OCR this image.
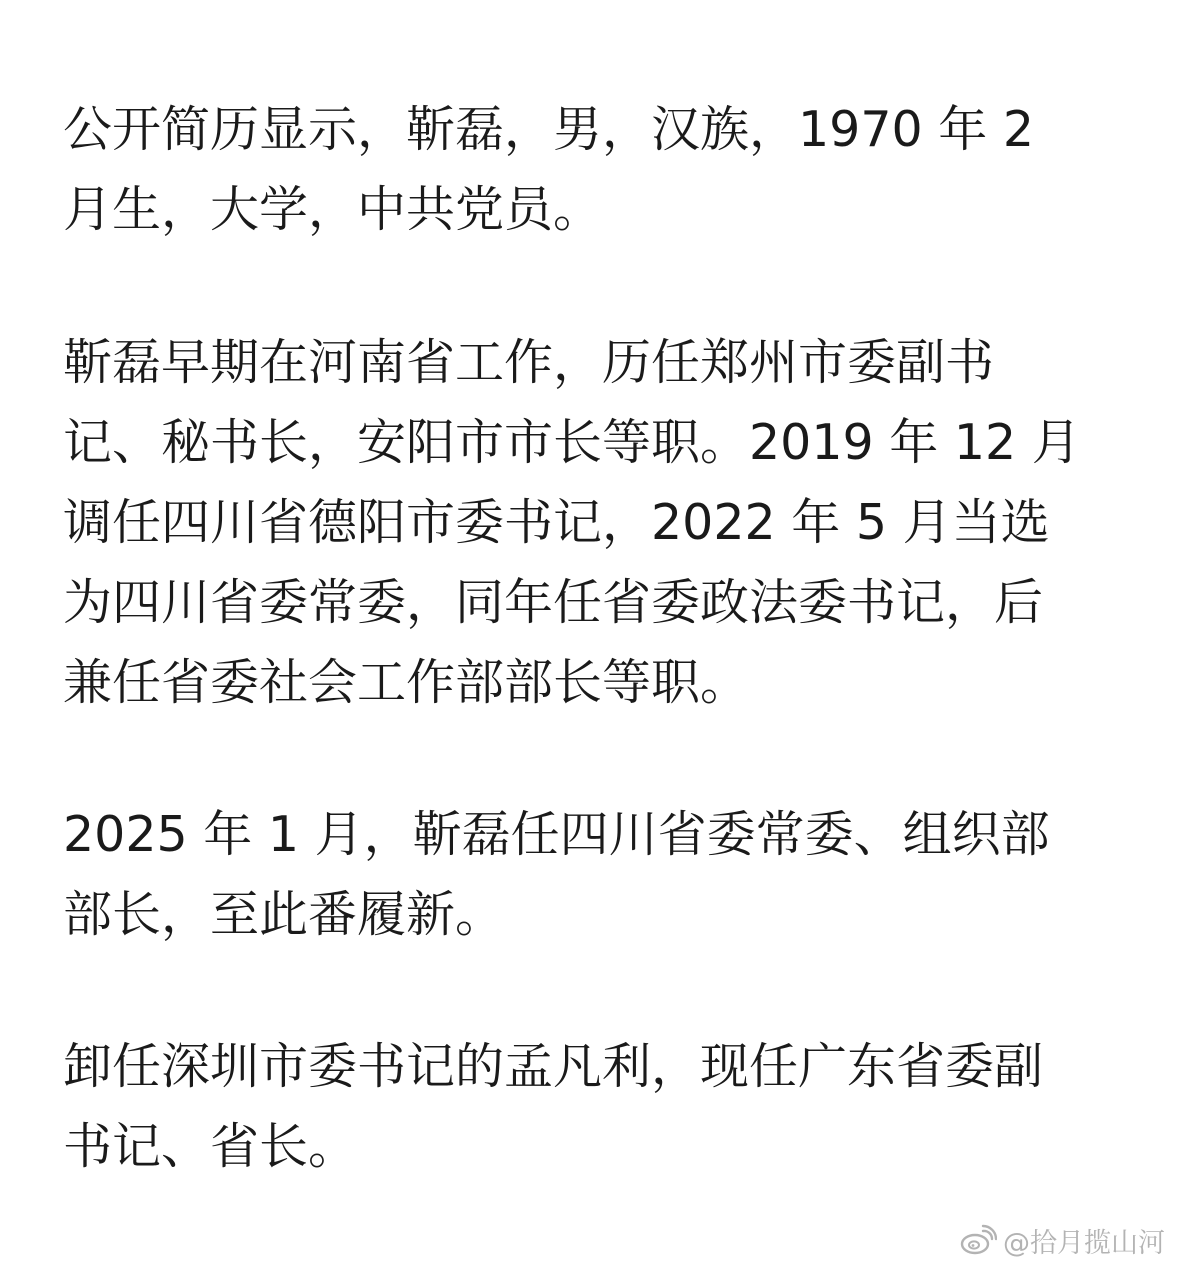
公开简历显示，靳磊，男，汉族，1970 年 2
月生，大学，中共党员。
靳磊早期在河南省工作，历任郑州市委副书
记、秘书长，安阳市市长等职。2019 年 12 月
调任四川省德阳市委书记，2022 年 5 月当选
为四川省委常委，同年任省委政法委书记，后
兼任省委社会工作部部长等职。
2025 年 1 月，靳磊任四川省委常委、组织部
部长，至此番履新。
卸任深圳市委书记的孟凡利，现任广东省委副
书记、省长。
@拾月揽山河
